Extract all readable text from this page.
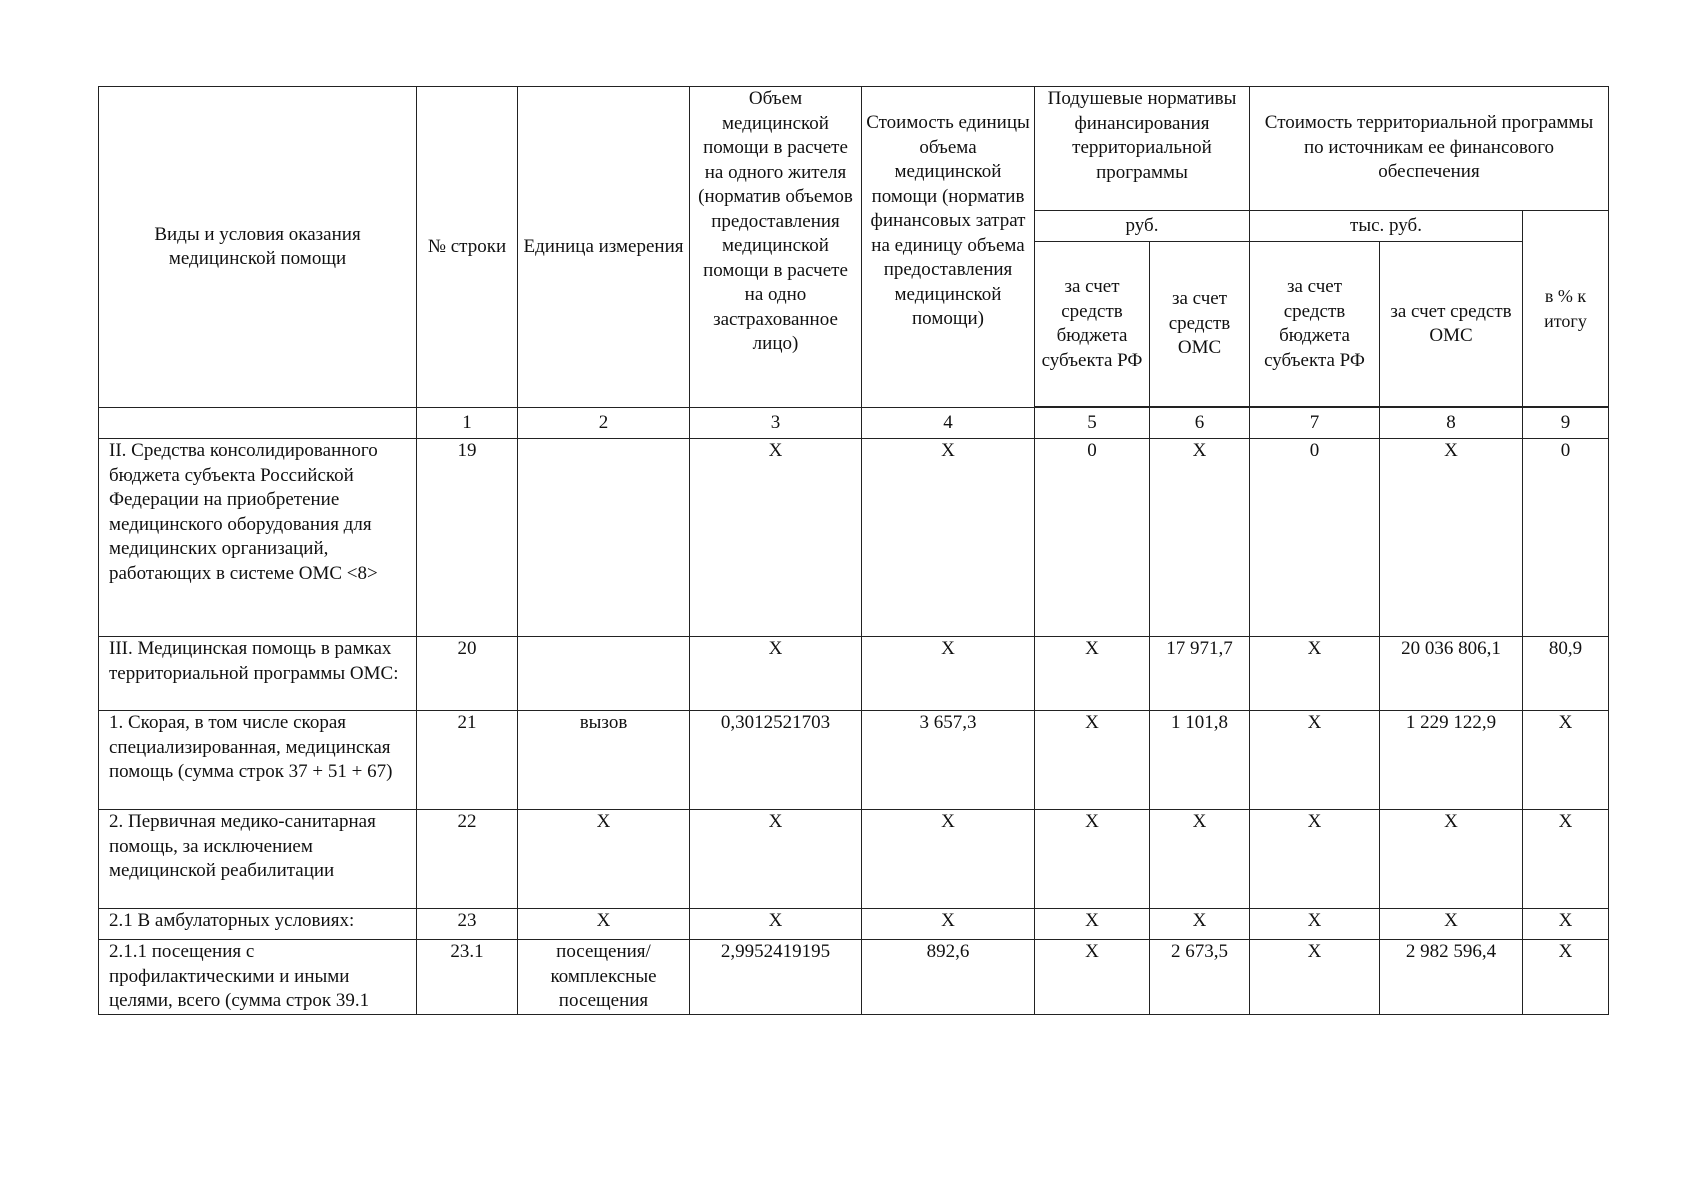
Виды и условия оказания медицинской помощи	№ строки	Единица измерения	Объем медицинской помощи в расчете на одного жителя (норматив объемов предоставления медицинской помощи в расчете на одно застрахованное лицо)	Стоимость единицы объема медицинской помощи (норматив финансовых затрат на единицу объема предоставления медицинской помощи)	Подушевые нормативы финансирования территориальной программы		Стоимость территориальной программы по источникам ее финансового обеспечения		
					руб.		тыс. руб.		в % к итогу
					за счет средств бюджета субъекта РФ	за счет средств ОМС	за счет средств бюджета субъекта РФ	за счет средств ОМС	

	1	2	3	4	5	6	7	8	9
II. Средства консолидированного бюджета субъекта Российской Федерации на приобретение медицинского оборудования для медицинских организаций, работающих в системе ОМС <8>	19		X	X	0	X	0	X	0
III. Медицинская помощь в рамках территориальной программы ОМС:	20		X	X	X	17 971,7	X	20 036 806,1	80,9
1. Скорая, в том числе скорая специализированная, медицинская помощь (сумма строк 37 + 51 + 67)	21	вызов	0,3012521703	3 657,3	X	1 101,8	X	1 229 122,9	X
2. Первичная медико-санитарная помощь, за исключением медицинской реабилитации	22	X	X	X	X	X	X	X	X
2.1 В амбулаторных условиях:	23	X	X	X	X	X	X	X	X
2.1.1 посещения с профилактическими и иными целями, всего (сумма строк 39.1	23.1	посещения/ комплексные посещения	2,9952419195	892,6	X	2 673,5	X	2 982 596,4	X
